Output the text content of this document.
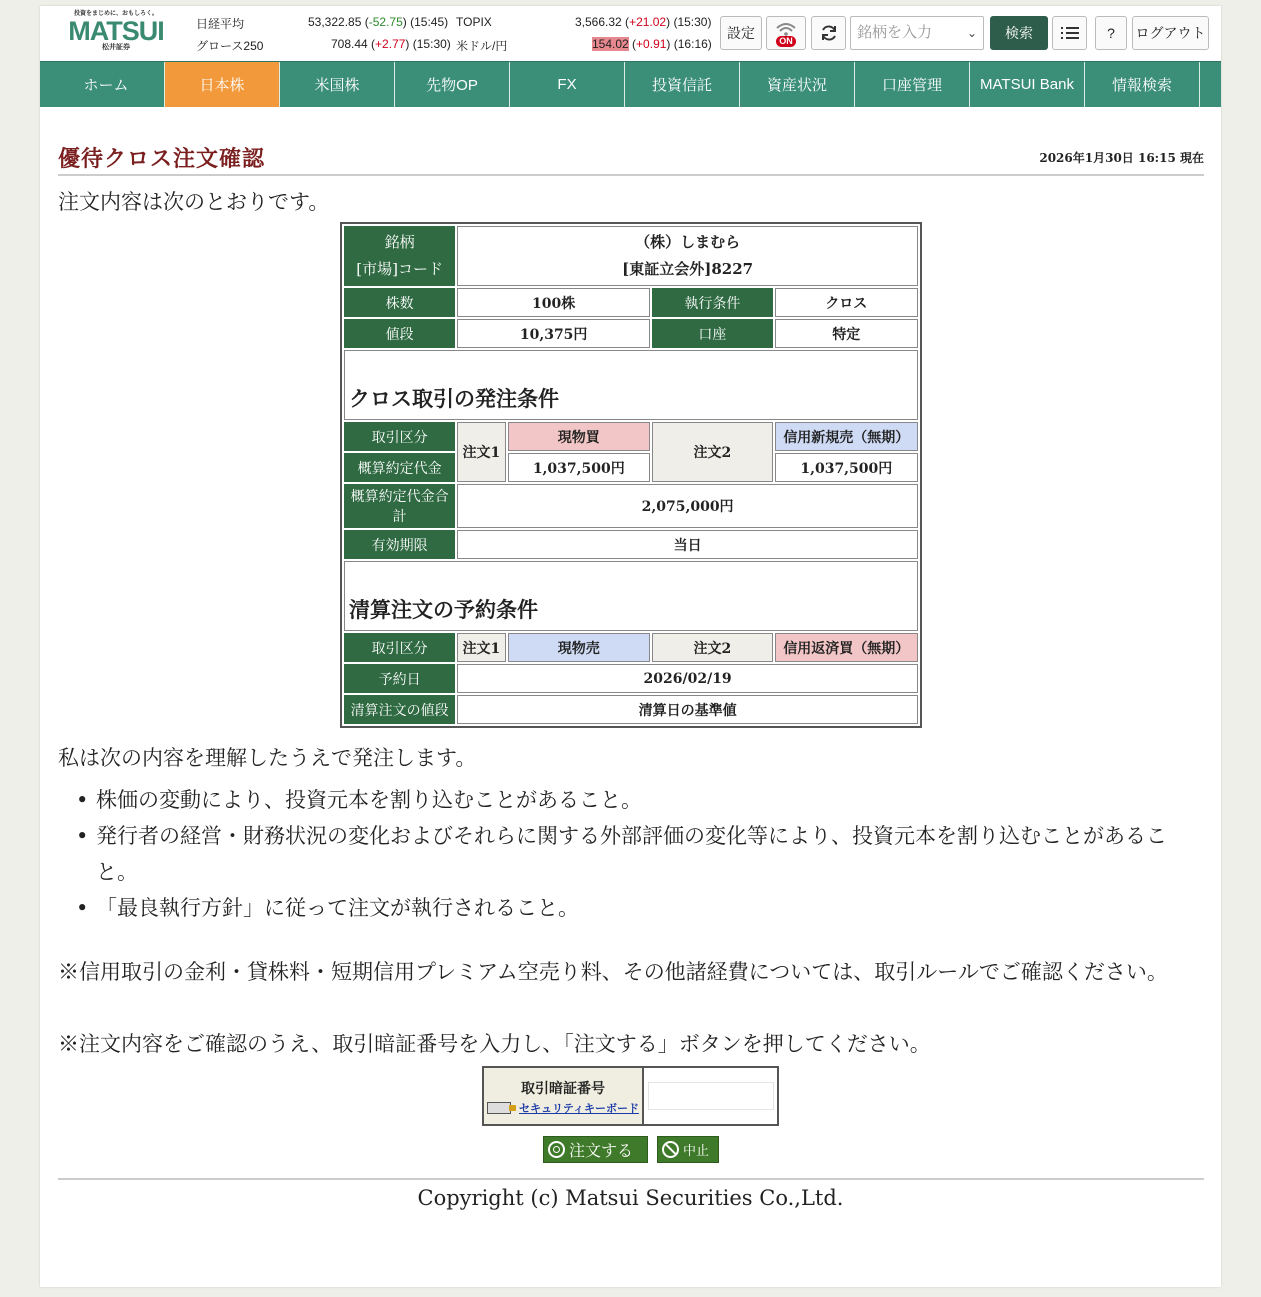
投資をまじめに、おもしろく。
MATSUI
松井証券
日経平均	53,322.85 (-52.75) (15:45)
グロース250	708.44 (+2.77) (15:30)
TOPIX	3,566.32 (+21.02) (15:30)
米ドル/円	154.02 (+0.91) (16:16)
設定	ON	銘柄を入力	⌄	検索	?	ログアウト
ホーム	日本株	米国株	先物OP	FX	投資信託	資産状況	口座管理	MATSUI Bank	情報検索
優待クロス注文確認	2026年1月30日 16:15 現在
注文内容は次のとおりです。
銘柄
[市場]コード	（株）しまむら
[東証立会外]8227			
株数	100株		執行条件	クロス
値段	10,375円		口座	特定
クロス取引の発注条件				
取引区分	注文1	現物買	注文2	信用新規売（無期）
概算約定代金		1,037,500円		1,037,500円
概算約定代金合計	2,075,000円			
有効期限	当日			
清算注文の予約条件				
取引区分	注文1	現物売	注文2	信用返済買（無期）
予約日	2026/02/19			
清算注文の値段	清算日の基準値			
私は次の内容を理解したうえで発注します。
• 株価の変動により、投資元本を割り込むことがあること。
• 発行者の経営・財務状況の変化およびそれらに関する外部評価の変化等により、投資元本を割り込むことがあること。
• 「最良執行方針」に従って注文が執行されること。
※信用取引の金利・貸株料・短期信用プレミアム空売り料、その他諸経費については、取引ルールでご確認ください。
※注文内容をご確認のうえ、取引暗証番号を入力し、「注文する」ボタンを押してください。
取引暗証番号
セキュリティキーボード
注文する	中止
Copyright (c) Matsui Securities Co.,Ltd.
